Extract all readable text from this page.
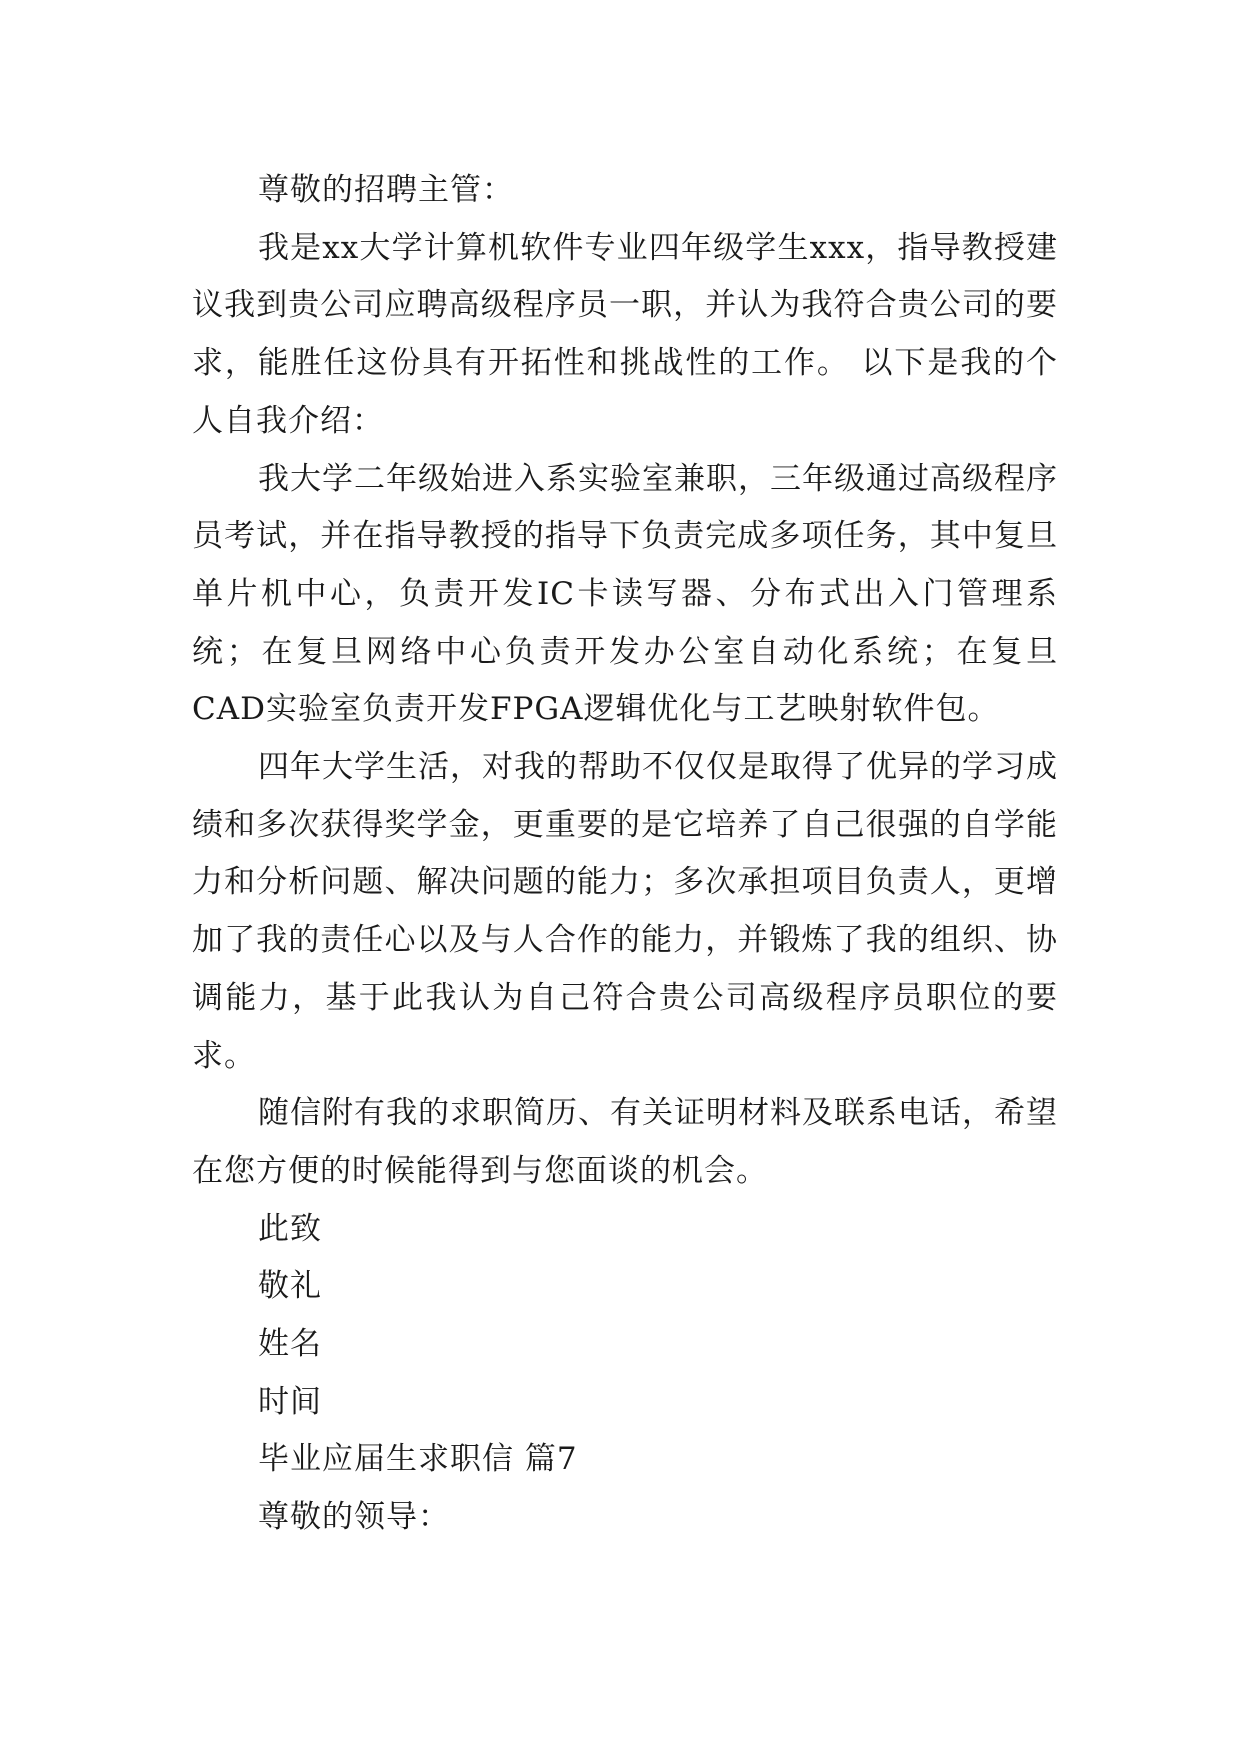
尊敬的招聘主管：

我是xx大学计算机软件专业四年级学生xxx，指导教授建议我到贵公司应聘高级程序员一职，并认为我符合贵公司的要求，能胜任这份具有开拓性和挑战性的工作。 以下是我的个人自我介绍：

我大学二年级始进入系实验室兼职，三年级通过高级程序员考试，并在指导教授的指导下负责完成多项任务，其中复旦单片机中心，负责开发IC卡读写器、分布式出入门管理系统；在复旦网络中心负责开发办公室自动化系统；在复旦CAD实验室负责开发FPGA逻辑优化与工艺映射软件包。

四年大学生活，对我的帮助不仅仅是取得了优异的学习成绩和多次获得奖学金，更重要的是它培养了自己很强的自学能力和分析问题、解决问题的能力；多次承担项目负责人，更增加了我的责任心以及与人合作的能力，并锻炼了我的组织、协调能力，基于此我认为自己符合贵公司高级程序员职位的要求。

随信附有我的求职简历、有关证明材料及联系电话，希望在您方便的时候能得到与您面谈的机会。

此致

敬礼

姓名

时间

毕业应届生求职信 篇7

尊敬的领导：
